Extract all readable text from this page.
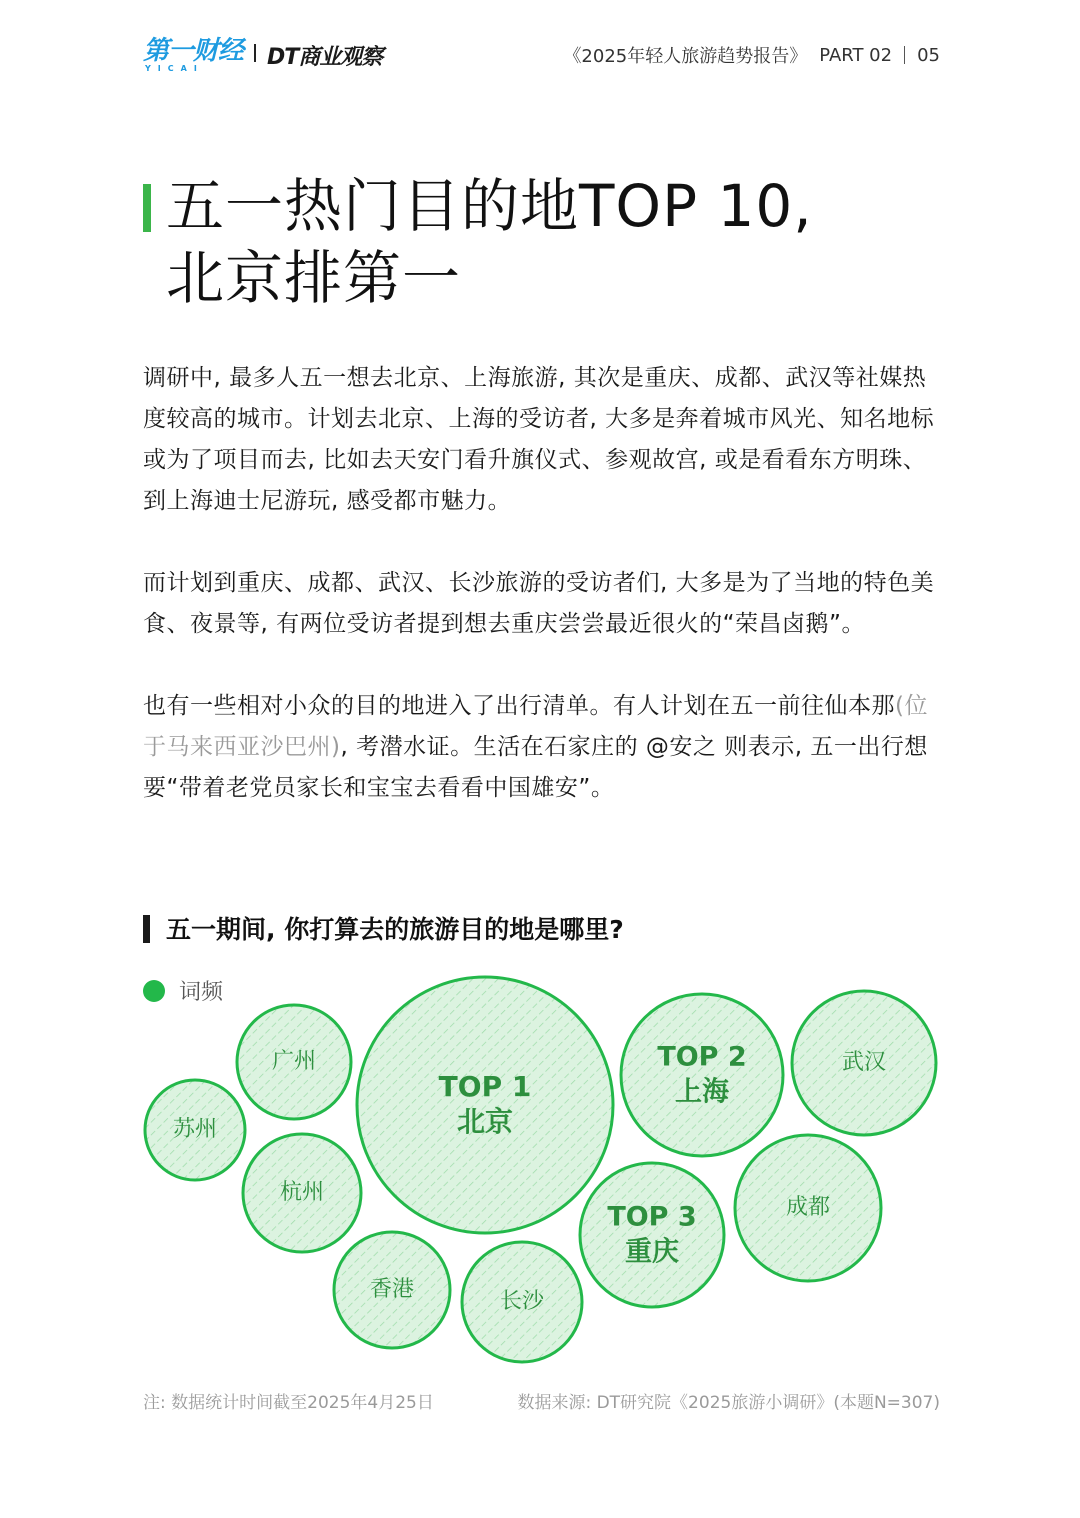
第一财经
YICAI	DT商业观察	《2025年轻人旅游趋势报告》 PART 02 05
五一热门目的地TOP 10,
北京排第一

调研中, 最多人五一想去北京、上海旅游, 其次是重庆、成都、武汉等社媒热度较高的城市。计划去北京、上海的受访者, 大多是奔着城市风光、知名地标或为了项目而去, 比如去天安门看升旗仪式、参观故宫, 或是看看东方明珠、到上海迪士尼游玩, 感受都市魅力。

而计划到重庆、成都、武汉、长沙旅游的受访者们, 大多是为了当地的特色美食、夜景等, 有两位受访者提到想去重庆尝尝最近很火的“荣昌卤鹅”。

也有一些相对小众的目的地进入了出行清单。有人计划在五一前往仙本那(位于马来西亚沙巴州), 考潜水证。生活在石家庄的 @安之 则表示, 五一出行想要“带着老党员家长和宝宝去看看中国雄安”。

五一期间, 你打算去的旅游目的地是哪里?
词频
TOP 1
北京
TOP 2
上海
TOP 3
重庆
武汉
成都
广州
杭州
长沙
香港
苏州
注: 数据统计时间截至2025年4月25日	数据来源: DT研究院《2025旅游小调研》(本题N=307)
